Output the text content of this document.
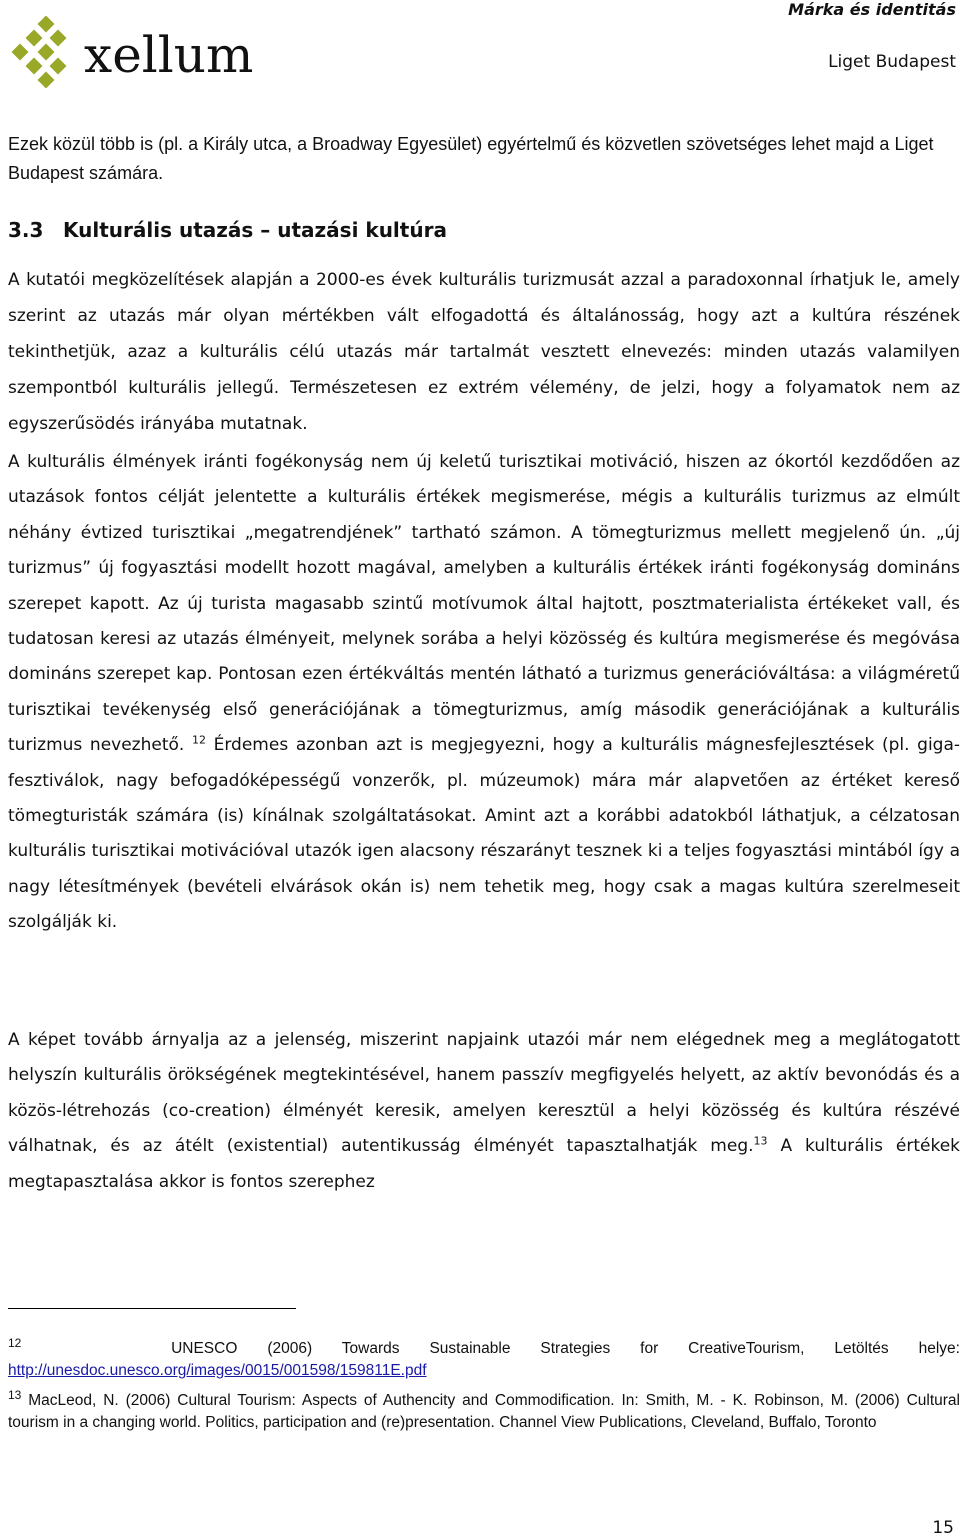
xellum
Márka és identitás
Liget Budapest

Ezek közül több is (pl. a Király utca, a Broadway Egyesület) egyértelmű és közvetlen szövetséges lehet majd a Liget Budapest számára.

3.3 Kulturális utazás – utazási kultúra

A kutatói megközelítések alapján a 2000-es évek kulturális turizmusát azzal a paradoxonnal írhatjuk le, amely szerint az utazás már olyan mértékben vált elfogadottá és általánosság, hogy azt a kultúra részének tekinthetjük, azaz a kulturális célú utazás már tartalmát vesztett elnevezés: minden utazás valamilyen szempontból kulturális jellegű. Természetesen ez extrém vélemény, de jelzi, hogy a folyamatok nem az egyszerűsödés irányába mutatnak.

A kulturális élmények iránti fogékonyság nem új keletű turisztikai motiváció, hiszen az ókortól kezdődően az utazások fontos célját jelentette a kulturális értékek megismerése, mégis a kulturális turizmus az elmúlt néhány évtized turisztikai „megatrendjének” tartható számon. A tömegturizmus mellett megjelenő ún. „új turizmus” új fogyasztási modellt hozott magával, amelyben a kulturális értékek iránti fogékonyság domináns szerepet kapott. Az új turista magasabb szintű motívumok által hajtott, posztmaterialista értékeket vall, és tudatosan keresi az utazás élményeit, melynek sorába a helyi közösség és kultúra megismerése és megóvása domináns szerepet kap. Pontosan ezen értékváltás mentén látható a turizmus generációváltása: a világméretű turisztikai tevékenység első generációjának a tömegturizmus, amíg második generációjának a kulturális turizmus nevezhető. $^{12}$ Érdemes azonban azt is megjegyezni, hogy a kulturális mágnesfejlesztések (pl. giga-fesztiválok, nagy befogadóképességű vonzerők, pl. múzeumok) mára már alapvetően az értéket kereső tömegturisták számára (is) kínálnak szolgáltatásokat. Amint azt a korábbi adatokból láthatjuk, a célzatosan kulturális turisztikai motivációval utazók igen alacsony részarányt tesznek ki a teljes fogyasztási mintából így a nagy létesítmények (bevételi elvárások okán is) nem tehetik meg, hogy csak a magas kultúra szerelmeseit szolgálják ki.

A képet tovább árnyalja az a jelenség, miszerint napjaink utazói már nem elégednek meg a meglátogatott helyszín kulturális örökségének megtekintésével, hanem passzív megfigyelés helyett, az aktív bevonódás és a közös-létrehozás (co-creation) élményét keresik, amelyen keresztül a helyi közösség és kultúra részévé válhatnak, és az átélt (existential) autentikusság élményét tapasztalhatják meg.$^{13}$ A kulturális értékek megtapasztalása akkor is fontos szerephez

$^{12}$	UNESCO (2006) Towards Sustainable Strategies for CreativeTourism, Letöltés helye: http://unesdoc.unesco.org/images/0015/001598/159811E.pdf
$^{13}$ MacLeod, N. (2006) Cultural Tourism: Aspects of Authencity and Commodification. In: Smith, M. - K. Robinson, M. (2006) Cultural tourism in a changing world. Politics, participation and (re)presentation. Channel View Publications, Cleveland, Buffalo, Toronto
15
